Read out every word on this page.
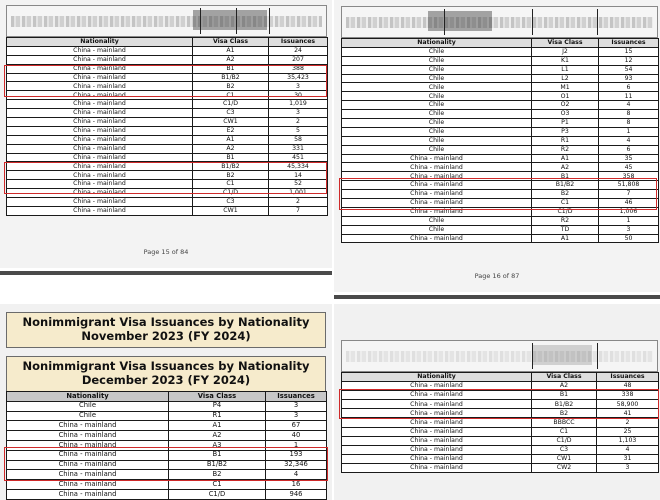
Nationality	Visa Class	Issuances
China - mainland	A1	24
China - mainland	A2	207
China - mainland	B1	388
China - mainland	B1/B2	35,423
China - mainland	B2	3
China - mainland	C1	30
China - mainland	C1/D	1,019
China - mainland	C3	3
China - mainland	CW1	2
China - mainland	E2	5
China - mainland	A1	58
China - mainland	A2	331
China - mainland	B1	451
China - mainland	B1/B2	45,334
China - mainland	B2	14
China - mainland	C1	52
China - mainland	C1/D	1,001
China - mainland	C3	2
China - mainland	CW1	7
Page 15 of 84
Nationality	Visa Class	Issuances
Chile	J2	15
Chile	K1	12
Chile	L1	54
Chile	L2	93
Chile	M1	6
Chile	O1	11
Chile	O2	4
Chile	O3	8
Chile	P1	8
Chile	P3	1
Chile	R1	4
Chile	R2	6
China - mainland	A1	35
China - mainland	A2	45
China - mainland	B1	358
China - mainland	B1/B2	51,808
China - mainland	B2	7
China - mainland	C1	46
China - mainland	C1/D	1,006
Chile	R2	1
Chile	TD	3
China - mainland	A1	50
Page 16 of 87
Nonimmigrant Visa Issuances by Nationality
November 2023 (FY 2024)
Nonimmigrant Visa Issuances by Nationality
December 2023 (FY 2024)
Nationality	Visa Class	Issuances
Chile	P4	3
Chile	R1	3
China - mainland	A1	67
China - mainland	A2	40
China - mainland	A3	1
China - mainland	B1	193
China - mainland	B1/B2	32,346
China - mainland	B2	4
China - mainland	C1	16
China - mainland	C1/D	946
Nationality	Visa Class	Issuances
China - mainland	A2	48
China - mainland	B1	338
China - mainland	B1/B2	58,900
China - mainland	B2	41
China - mainland	BBBCC	2
China - mainland	C1	25
China - mainland	C1/D	1,103
China - mainland	C3	4
China - mainland	CW1	31
China - mainland	CW2	3
